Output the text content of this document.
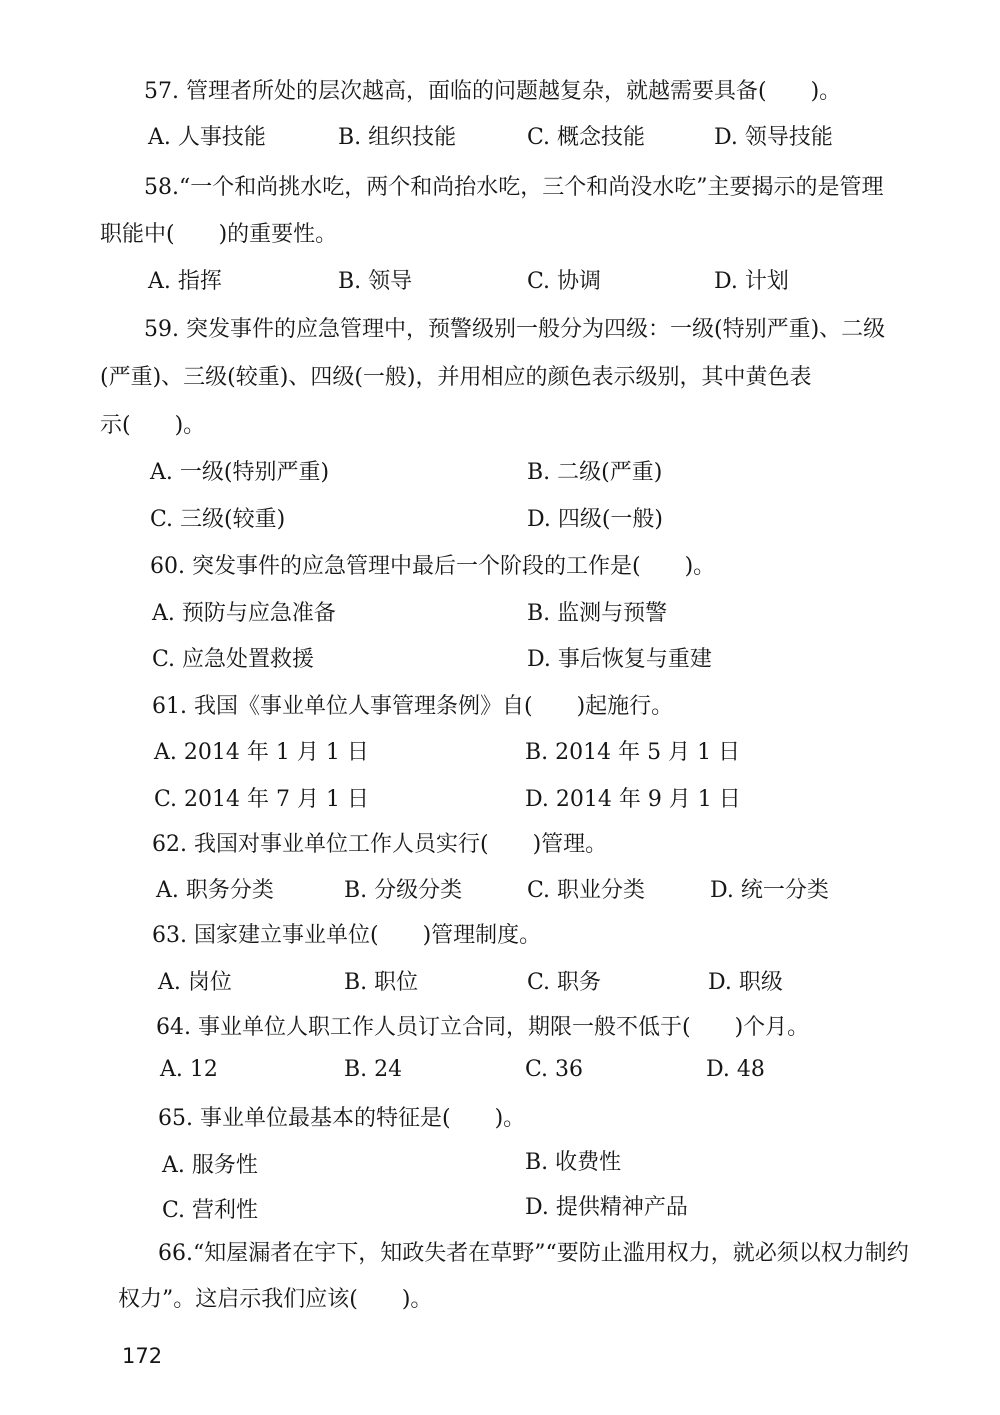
57. 管理者所处的层次越高，面临的问题越复杂，就越需要具备(　　)。
A. 人事技能	B. 组织技能	C. 概念技能	D. 领导技能
58.“一个和尚挑水吃，两个和尚抬水吃，三个和尚没水吃”主要揭示的是管理
职能中(　　)的重要性。
A. 指挥	B. 领导	C. 协调	D. 计划
59. 突发事件的应急管理中，预警级别一般分为四级：一级(特别严重)、二级
(严重)、三级(较重)、四级(一般)，并用相应的颜色表示级别，其中黄色表
示(　　)。
A. 一级(特别严重)	B. 二级(严重)
C. 三级(较重)	D. 四级(一般)
60. 突发事件的应急管理中最后一个阶段的工作是(　　)。
A. 预防与应急准备	B. 监测与预警
C. 应急处置救援	D. 事后恢复与重建
61. 我国《事业单位人事管理条例》自(　　)起施行。
A. 2014 年 1 月 1 日	B. 2014 年 5 月 1 日
C. 2014 年 7 月 1 日	D. 2014 年 9 月 1 日
62. 我国对事业单位工作人员实行(　　)管理。
A. 职务分类	B. 分级分类	C. 职业分类	D. 统一分类
63. 国家建立事业单位(　　)管理制度。
A. 岗位	B. 职位	C. 职务	D. 职级
64. 事业单位人职工作人员订立合同，期限一般不低于(　　)个月。
A. 12	B. 24	C. 36	D. 48
65. 事业单位最基本的特征是(　　)。
A. 服务性	B. 收费性
C. 营利性	D. 提供精神产品
66.“知屋漏者在宇下，知政失者在草野”“要防止滥用权力，就必须以权力制约
权力”。这启示我们应该(　　)。
172
